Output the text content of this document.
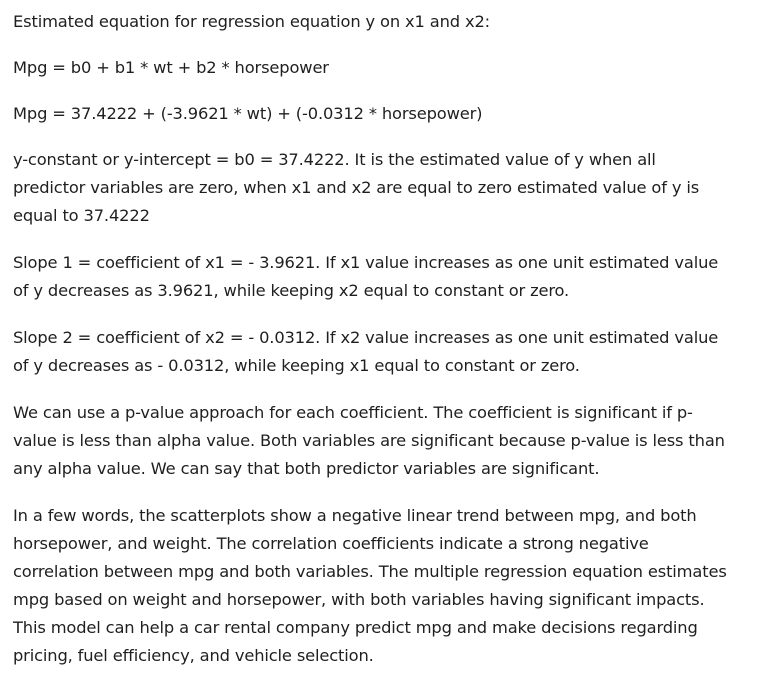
Estimated equation for regression equation y on x1 and x2:

Mpg = b0 + b1 * wt + b2 * horsepower

Mpg = 37.4222 + (-3.9621 * wt) + (-0.0312 * horsepower)

y-constant or y-intercept = b0 = 37.4222. It is the estimated value of y when all predictor variables are zero, when x1 and x2 are equal to zero estimated value of y is equal to 37.4222

Slope 1 = coefficient of x1 = - 3.9621. If x1 value increases as one unit estimated value of y decreases as 3.9621, while keeping x2 equal to constant or zero.

Slope 2 = coefficient of x2 = - 0.0312. If x2 value increases as one unit estimated value of y decreases as - 0.0312, while keeping x1 equal to constant or zero.

We can use a p-value approach for each coefficient. The coefficient is significant if p-value is less than alpha value. Both variables are significant because p-value is less than any alpha value. We can say that both predictor variables are significant.

In a few words, the scatterplots show a negative linear trend between mpg, and both horsepower, and weight. The correlation coefficients indicate a strong negative correlation between mpg and both variables. The multiple regression equation estimates mpg based on weight and horsepower, with both variables having significant impacts. This model can help a car rental company predict mpg and make decisions regarding pricing, fuel efficiency, and vehicle selection.
